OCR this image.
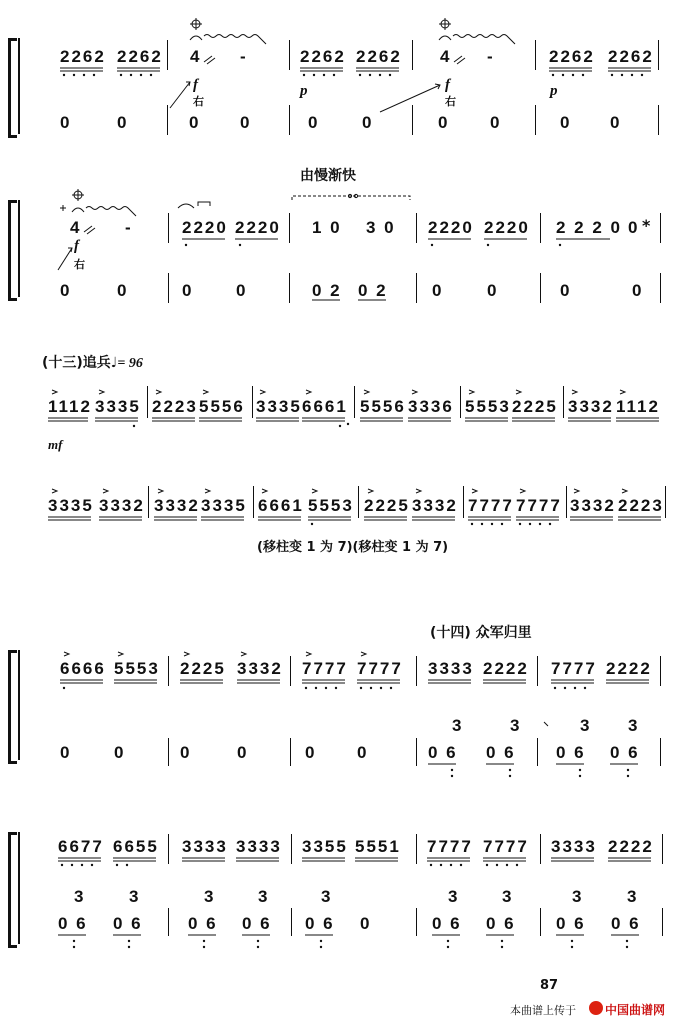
2262 2262 4 -	2262 2262 4 -	2262 2262
0	0	0 0	0	0	0 0	0 0
f
右
p	f
右
p
由慢渐快
4	-	2220 2220 1 0 3 0 2220 2220 2 2 2 0 0 *
0	0	0	0	0 2 0 2	0	0	0	0
f
右
(十三)追兵♩= 96
1112 3335 2223 5556 3335 6661 5556 3336 5553 2225 3332 1112
mf
3335 3332 3332 3335 6661 5553 2225 3332 7777 7777 3332 2223
(移柱变 1 为 7)(移柱变 1 为 7)
(十四) 众军归里
6666 5553 2225 3332 7777 7777 3333 2222 7777 2222
0	0	0	0	0 0	0 6 0 6 0 6 0 6
3	3	3 3
6677 6655 3333 3333 3355 5551 7777 7777 3333 2222
0 6 0 6	0 6 0 6 0 6 0	0 6 0 6 0 6 0 6
3	3	3	3	3	3	3	3	3
87
本曲谱上传于 中国曲谱网
